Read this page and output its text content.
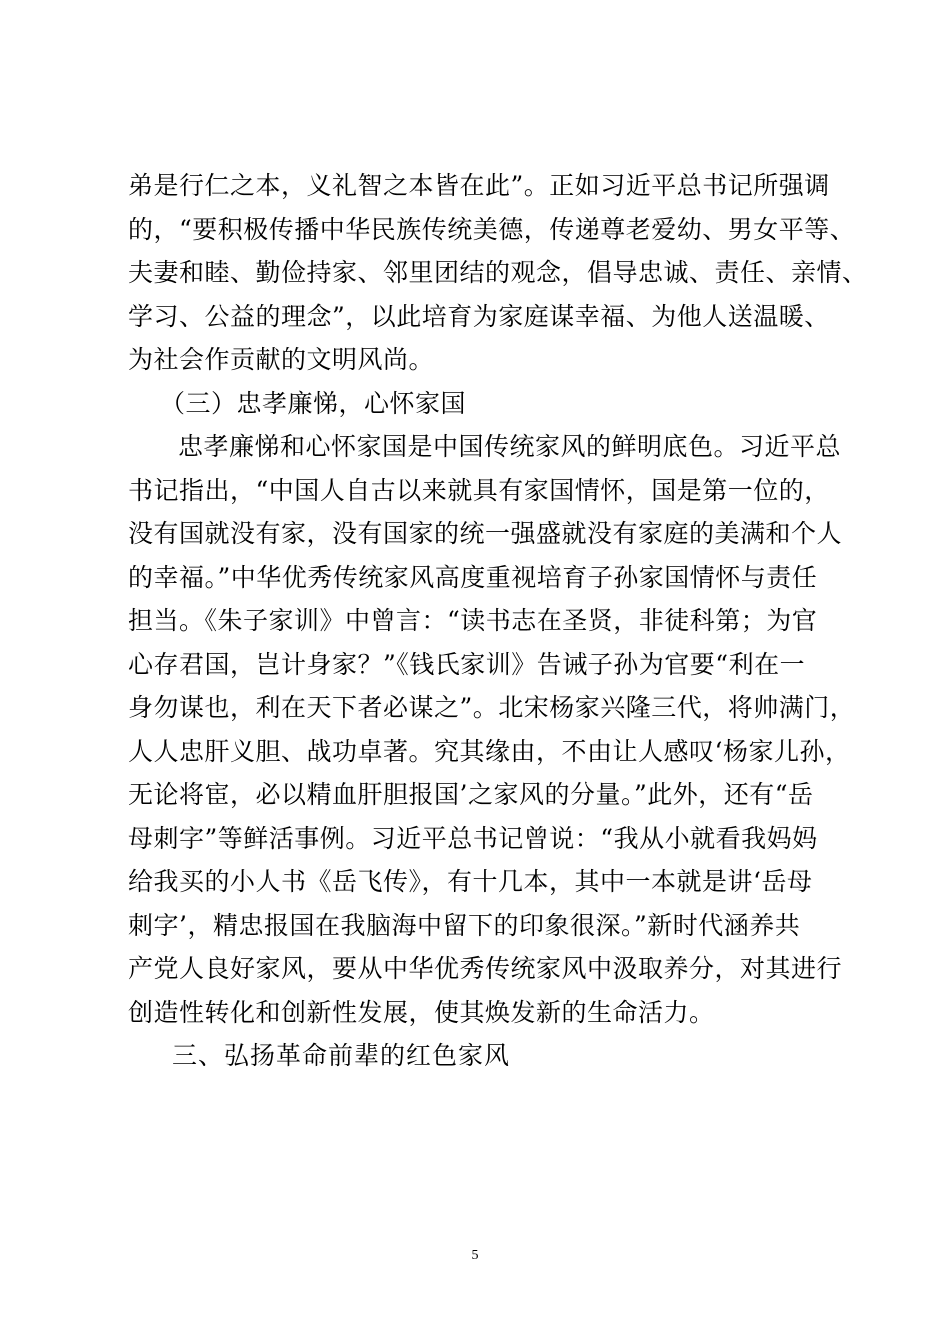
弟是行仁之本，义礼智之本皆在此”。正如习近平总书记所强调
的，“要积极传播中华民族传统美德，传递尊老爱幼、男女平等、
夫妻和睦、勤俭持家、邻里团结的观念，倡导忠诚、责任、亲情、
学习、公益的理念”，以此培育为家庭谋幸福、为他人送温暖、
为社会作贡献的文明风尚。
（三）忠孝廉悌，心怀家国
忠孝廉悌和心怀家国是中国传统家风的鲜明底色。习近平总
书记指出，“中国人自古以来就具有家国情怀，国是第一位的，
没有国就没有家，没有国家的统一强盛就没有家庭的美满和个人
的幸福。”中华优秀传统家风高度重视培育子孙家国情怀与责任
担当。《朱子家训》中曾言：“读书志在圣贤，非徒科第；为官
心存君国，岂计身家？”《钱氏家训》告诫子孙为官要“利在一
身勿谋也，利在天下者必谋之”。北宋杨家兴隆三代，将帅满门，
人人忠肝义胆、战功卓著。究其缘由，不由让人感叹‘杨家儿孙，
无论将宦，必以精血肝胆报国’之家风的分量。”此外，还有“岳
母刺字”等鲜活事例。习近平总书记曾说：“我从小就看我妈妈
给我买的小人书《岳飞传》，有十几本，其中一本就是讲‘岳母
刺字’，精忠报国在我脑海中留下的印象很深。”新时代涵养共
产党人良好家风，要从中华优秀传统家风中汲取养分，对其进行
创造性转化和创新性发展，使其焕发新的生命活力。
三、弘扬革命前辈的红色家风
5
